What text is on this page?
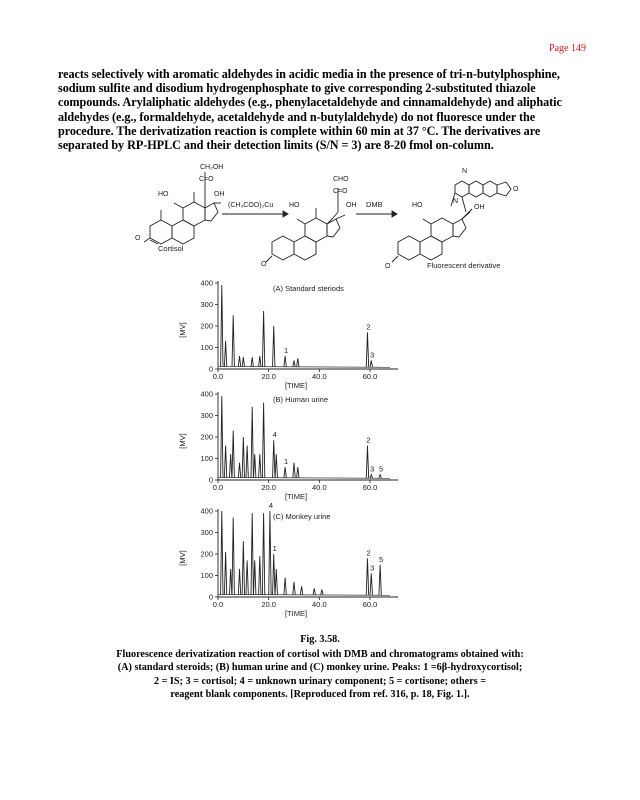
Page 149

reacts selectively with aromatic aldehydes in acidic media in the presence of tri-n-butylphosphine, sodium sulfite and disodium hydrogenphosphate to give corresponding 2-substituted thiazole compounds. Arylaliphatic aldehydes (e.g., phenylacetaldehyde and cinnamaldehyde) and aliphatic aldehydes (e.g., formaldehyde, acetaldehyde and n-butylaldehyde) do not fluoresce under the procedure. The derivatization reaction is complete within 60 min at 37 °C. The derivatives are separated by RP-HPLC and their detection limits (S/N = 3) are 8-20 fmol on-column.

CH₂OH
C=O
OH
HO
O
Cortisol
(CH₃COO)₂Cu
CHO
C=O
OH
HO
O
DMB	HO	OH
N
N
O
O	Fluorescent derivative
0
100
200
300
400
0.0	20.0	40.0	60.0
[TIME]
[MV]
(A) Standard steriods
1
2
3
0
100
200
300
400
0.0	20.0	40.0	60.0
[TIME]
[MV]
(B) Human urine
4
1
2
3 5
0
100
200
300
400
0.0	20.0	40.0	60.0
[TIME]
[MV]
(C) Monkey urine
4
1	2
3
5

Fig. 3.58.

Fluorescence derivatization reaction of cortisol with DMB and chromatograms obtained with:

(A) standard steroids; (B) human urine and (C) monkey urine. Peaks: 1 =6β-hydroxycortisol;

2 = IS; 3 = cortisol; 4 = unknown urinary component; 5 = cortisone; others =

reagent blank components. [Reproduced from ref. 316, p. 18, Fig. 1.].
